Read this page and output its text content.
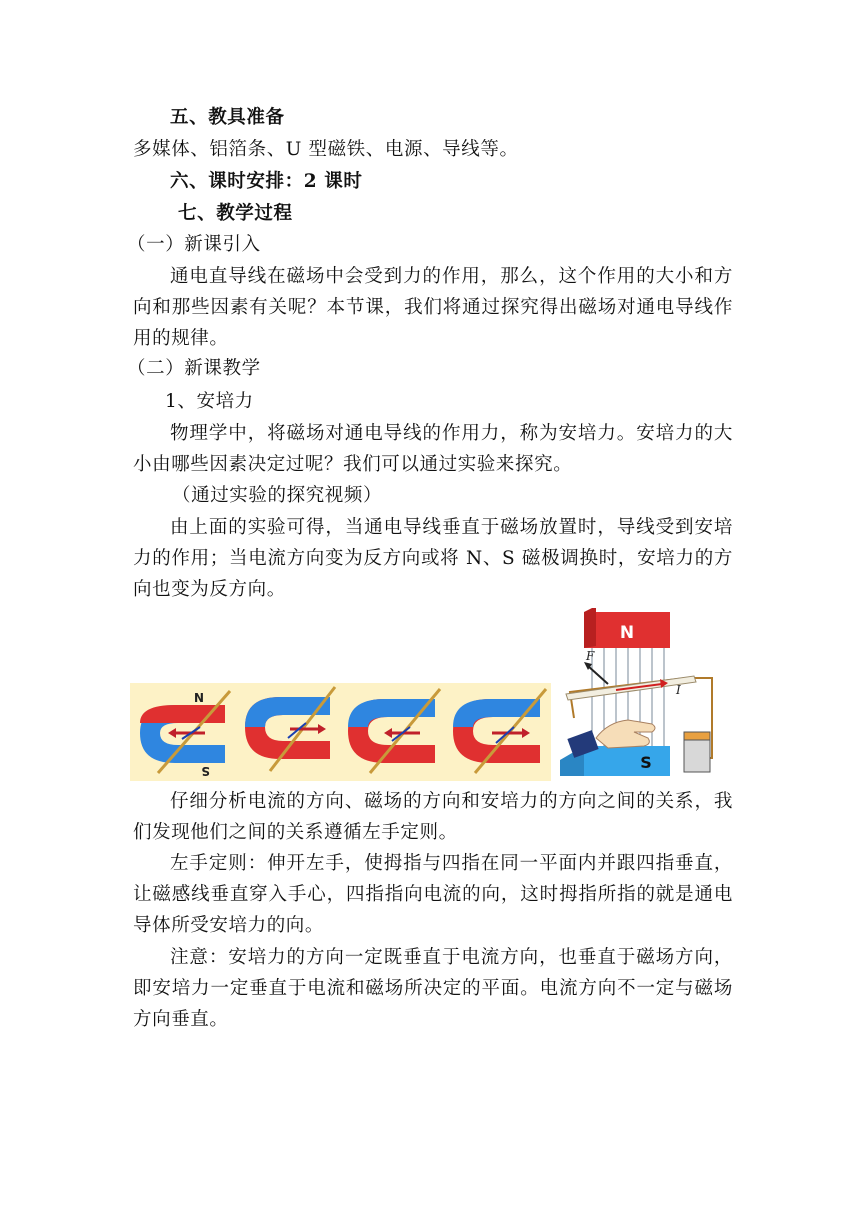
五、教具准备
多媒体、铝箔条、U 型磁铁、电源、导线等。
六、课时安排：2 课时
七、教学过程
（一）新课引入
通电直导线在磁场中会受到力的作用，那么，这个作用的大小和方向和那些因素有关呢？本节课，我们将通过探究得出磁场对通电导线作用的规律。
（二）新课教学
1、安培力
物理学中，将磁场对通电导线的作用力，称为安培力。安培力的大小由哪些因素决定过呢？我们可以通过实验来探究。
（通过实验的探究视频）
由上面的实验可得，当通电导线垂直于磁场放置时，导线受到安培力的作用；当电流方向变为反方向或将 N、S 磁极调换时，安培力的方向也变为反方向。
N
S
N
I
F
S
仔细分析电流的方向、磁场的方向和安培力的方向之间的关系，我们发现他们之间的关系遵循左手定则。
左手定则：伸开左手，使拇指与四指在同一平面内并跟四指垂直，让磁感线垂直穿入手心，四指指向电流的向，这时拇指所指的就是通电导体所受安培力的向。
注意：安培力的方向一定既垂直于电流方向，也垂直于磁场方向，即安培力一定垂直于电流和磁场所决定的平面。电流方向不一定与磁场方向垂直。
